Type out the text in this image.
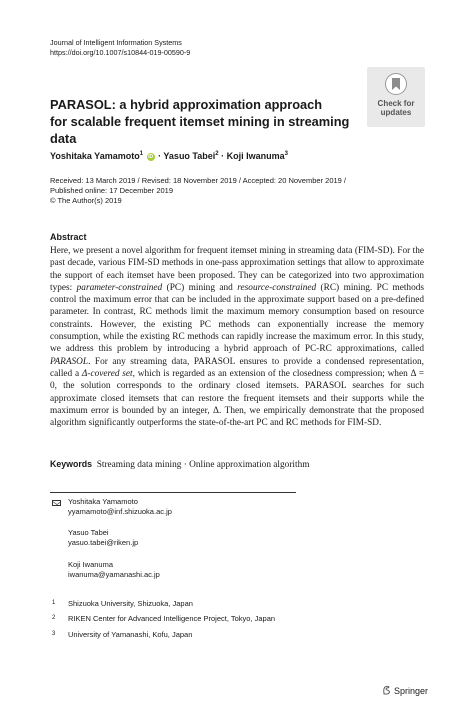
Journal of Intelligent Information Systems
https://doi.org/10.1007/s10844-019-00590-9
Check for
updates
PARASOL: a hybrid approximation approach
for scalable frequent itemset mining in streaming data
Yoshitaka Yamamoto$^1$ iD · Yasuo Tabei$^2$ · Koji Iwanuma$^3$
Received: 13 March 2019 / Revised: 18 November 2019 / Accepted: 20 November 2019 /
Published online: 17 December 2019
© The Author(s) 2019
Abstract
Here, we present a novel algorithm for frequent itemset mining in streaming data (FIM-SD). For the past decade, various FIM-SD methods in one-pass approximation settings that allow to approximate the support of each itemset have been proposed. They can be categorized into two approximation types: parameter-constrained (PC) mining and resource-constrained (RC) mining. PC methods control the maximum error that can be included in the approximate support based on a pre-defined parameter. In contrast, RC methods limit the maximum memory consumption based on resource constraints. However, the existing PC methods can exponentially increase the memory consumption, while the existing RC methods can rapidly increase the maximum error. In this study, we address this problem by introducing a hybrid approach of PC-RC approximations, called PARASOL. For any streaming data, PARASOL ensures to provide a condensed representation, called a Δ-covered set, which is regarded as an extension of the closedness compression; when Δ = 0, the solution corresponds to the ordinary closed itemsets. PARASOL searches for such approximate closed itemsets that can restore the frequent itemsets and their supports while the maximum error is bounded by an integer, Δ. Then, we empirically demonstrate that the proposed algorithm significantly outperforms the state-of-the-art PC and RC methods for FIM-SD.
Keywords Streaming data mining · Online approximation algorithm
Yoshitaka Yamamoto
yyamamoto@inf.shizuoka.ac.jp
Yasuo Tabei
yasuo.tabei@riken.jp
Koji Iwanuma
iwanuma@yamanashi.ac.jp
1 Shizuoka University, Shizuoka, Japan
2 RIKEN Center for Advanced Intelligence Project, Tokyo, Japan
3 University of Yamanashi, Kofu, Japan
Springer
